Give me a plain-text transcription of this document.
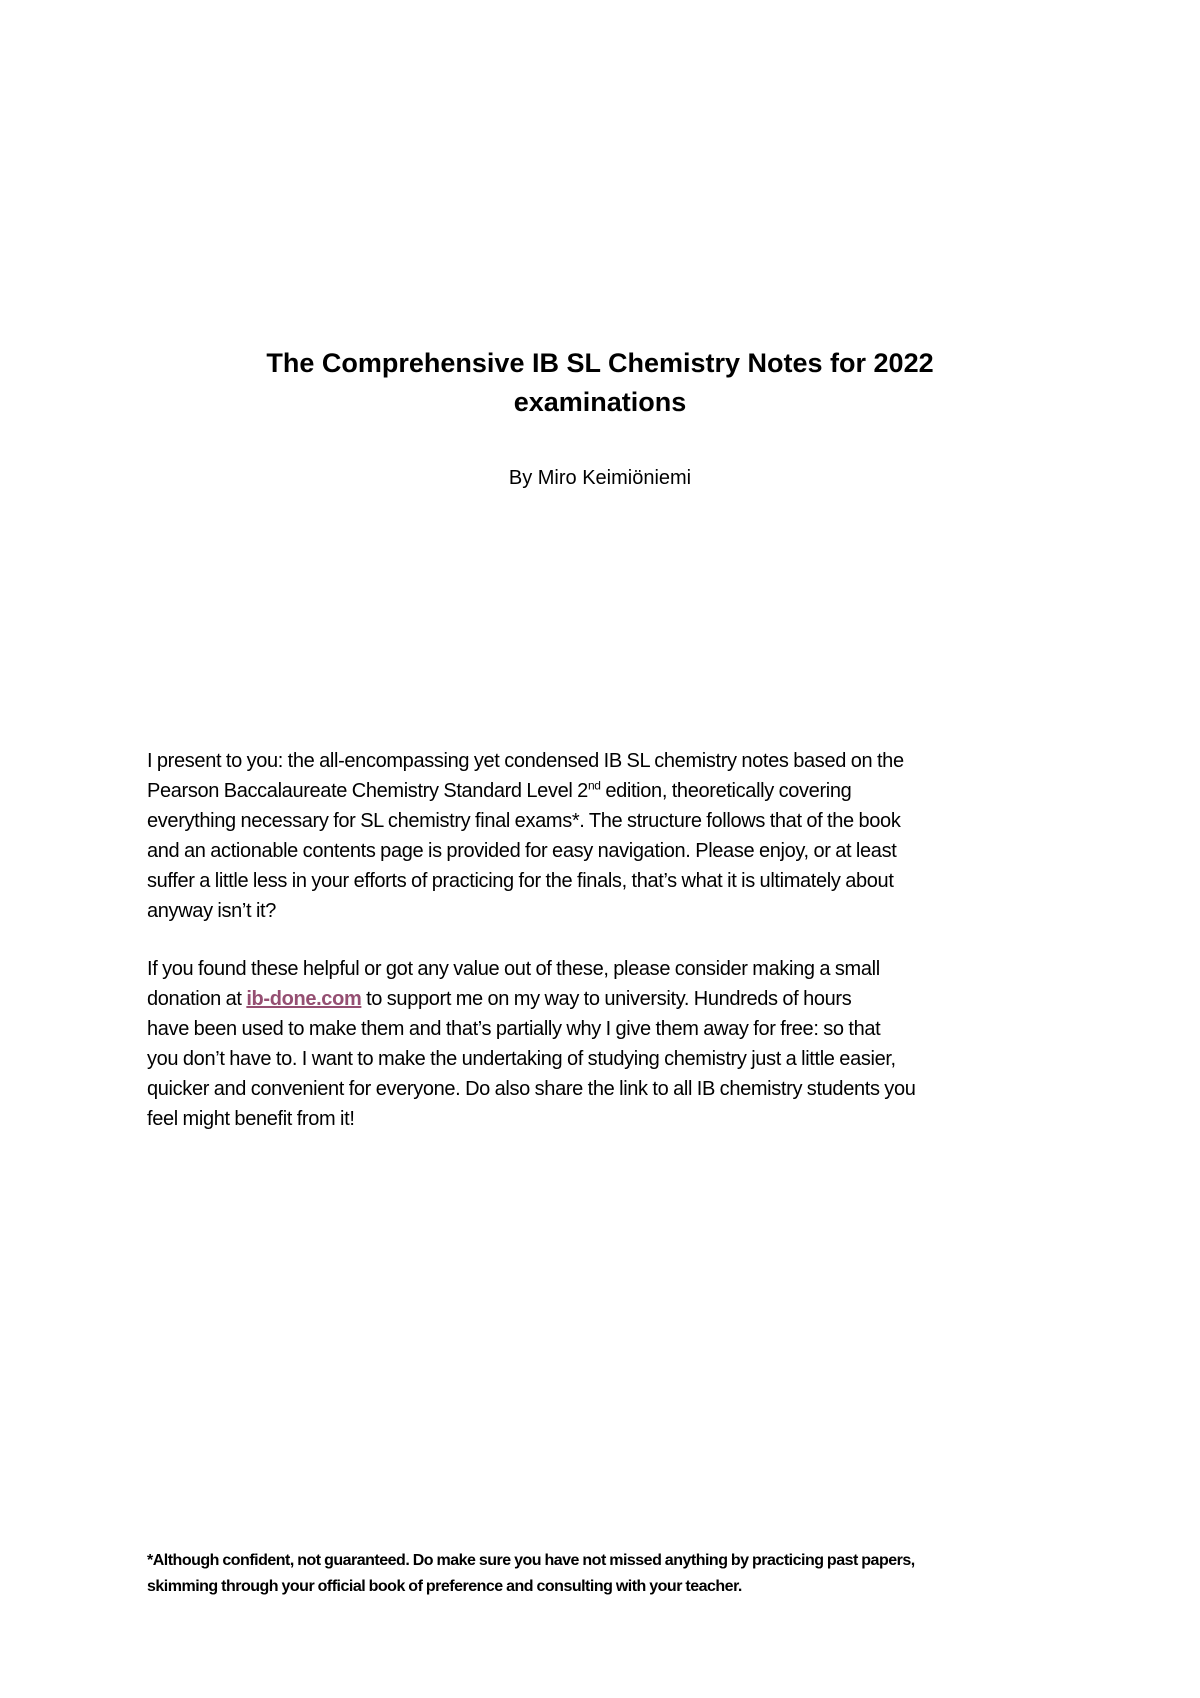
The Comprehensive IB SL Chemistry Notes for 2022
examinations

By Miro Keimiöniemi

I present to you: the all-encompassing yet condensed IB SL chemistry notes based on the
Pearson Baccalaureate Chemistry Standard Level 2nd edition, theoretically covering
everything necessary for SL chemistry final exams*. The structure follows that of the book
and an actionable contents page is provided for easy navigation. Please enjoy, or at least
suffer a little less in your efforts of practicing for the finals, that’s what it is ultimately about
anyway isn’t it?

If you found these helpful or got any value out of these, please consider making a small
donation at ib-done.com to support me on my way to university. Hundreds of hours
have been used to make them and that’s partially why I give them away for free: so that
you don’t have to. I want to make the undertaking of studying chemistry just a little easier,
quicker and convenient for everyone. Do also share the link to all IB chemistry students you
feel might benefit from it!

*Although confident, not guaranteed. Do make sure you have not missed anything by practicing past papers,
skimming through your official book of preference and consulting with your teacher.
